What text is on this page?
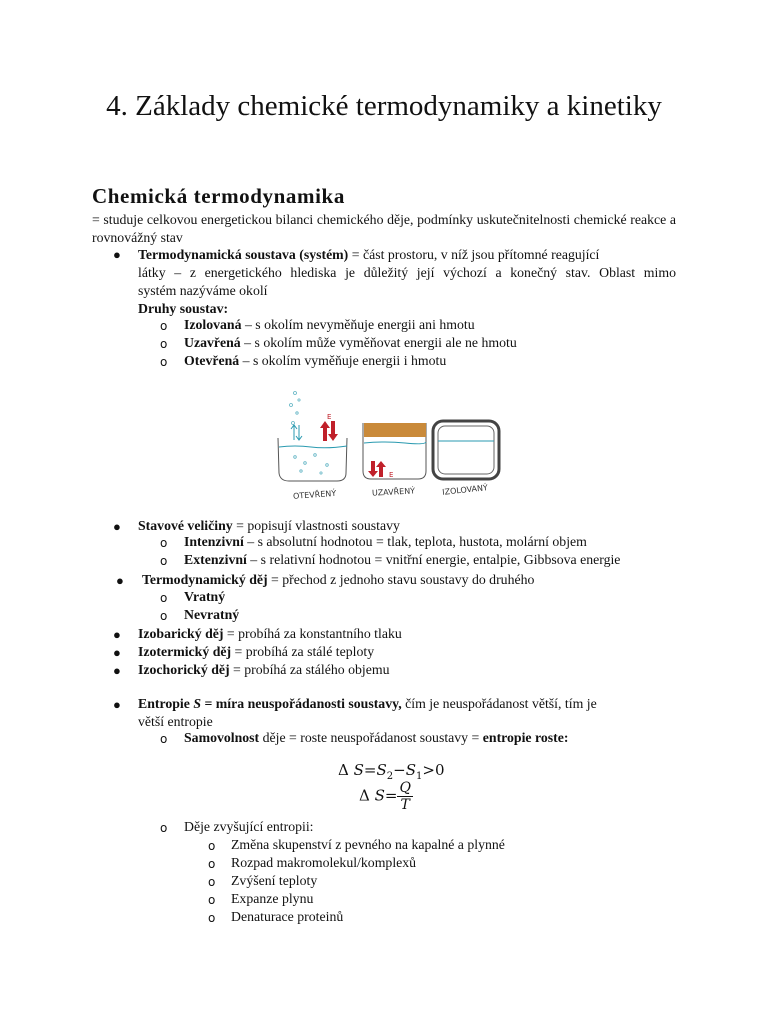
4. Základy chemické termodynamiky a kinetiky
Chemická termodynamika
= studuje celkovou energetickou bilanci chemického děje, podmínky uskutečnitelnosti chemické reakce a rovnovážný stav
● Termodynamická soustava (systém) = část prostoru, v níž jsou přítomné reagující
látky – z energetického hlediska je důležitý její výchozí a konečný stav. Oblast mimo
systém nazýváme okolí
Druhy soustav:
o Izolovaná – s okolím nevyměňuje energii ani hmotu
o Uzavřená – s okolím může vyměňovat energii ale ne hmotu
o Otevřená – s okolím vyměňuje energii i hmotu
E
E
OTEVŘENÝ	UZAVŘENÝ	IZOLOVANÝ
● Stavové veličiny = popisují vlastnosti soustavy
o Intenzivní – s absolutní hodnotou = tlak, teplota, hustota, molární objem
o Extenzivní – s relativní hodnotou = vnitřní energie, entalpie, Gibbsova energie
● Termodynamický děj = přechod z jednoho stavu soustavy do druhého
o Vratný
o Nevratný
● Izobarický děj = probíhá za konstantního tlaku
● Izotermický děj = probíhá za stálé teploty
● Izochorický děj = probíhá za stálého objemu
● Entropie S = míra neuspořádanosti soustavy, čím je neuspořádanost větší, tím je
větší entropie
o Samovolnost děje = roste neuspořádanost soustavy = entropie roste:
Δ $S=S_2-S_1>0$
Δ $S= \frac{Q}{T}$
o Děje zvyšující entropii:
o Změna skupenství z pevného na kapalné a plynné
o Rozpad makromolekul/komplexů
o Zvýšení teploty
o Expanze plynu
o Denaturace proteinů
